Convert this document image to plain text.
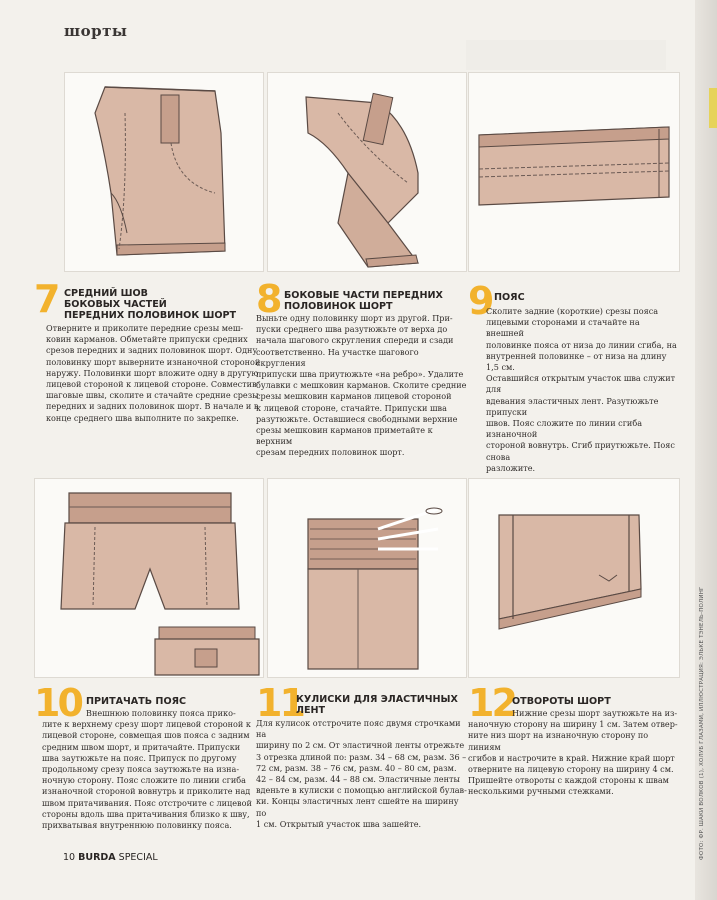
ФОТО: ФР. ШАКИ ВОЛКОВ (1), ХОЛУБ ГЛАЗАМИ, ИЛЛЮСТРАЦИЯ: ЭЛЬКЕ ТЭНЕЛЬ-ПОЛИНГ
шорты
7 СРЕДНИЙ ШОВ
БОКОВЫХ ЧАСТЕЙ
ПЕРЕДНИХ ПОЛОВИНОК ШОРТ
Отверните и приколите передние срезы меш-
ковин карманов. Обметайте припуски средних
срезов передних и задних половинок шорт. Одну
половинку шорт выверните изнаночной стороной
наружу. Половинки шорт вложите одну в другую
лицевой стороной к лицевой стороне. Совместив
шаговые швы, сколите и стачайте средние срезы
передних и задних половинок шорт. В начале и в
конце среднего шва выполните по закрепке.
8 БОКОВЫЕ ЧАСТИ ПЕРЕДНИХ
ПОЛОВИНОК ШОРТ
Выньте одну половинку шорт из другой. При-
пуски среднего шва разутюжьте от верха до
начала шагового скругления спереди и сзади
соответственно. На участке шагового скругления
припуски шва приутюжьте «на ребро». Удалите
булавки с мешковин карманов. Сколите средние
срезы мешковин карманов лицевой стороной
к лицевой стороне, стачайте. Припуски шва
разутюжьте. Оставшиеся свободными верхние
срезы мешковин карманов приметайте к верхним
срезам передних половинок шорт.
9 ПОЯС
Сколите задние (короткие) срезы пояса
лицевыми сторонами и стачайте на внешней
половинке пояса от низа до линии сгиба, на
внутренней половинке – от низа на длину 1,5 см.
Оставшийся открытым участок шва служит для
вдевания эластичных лент. Разутюжьте припуски
швов. Пояс сложите по линии сгиба изнаночной
стороной вовнутрь. Сгиб приутюжьте. Пояс снова
разложите.
10 ПРИТАЧАТЬ ПОЯС
Внешнюю половинку пояса прико-
лите к верхнему срезу шорт лицевой стороной к
лицевой стороне, совмещая шов пояса с задним
средним швом шорт, и притачайте. Припуски
шва заутюжьте на пояс. Припуск по другому
продольному срезу пояса заутюжьте на изна-
ночную сторону. Пояс сложите по линии сгиба
изнаночной стороной вовнутрь и приколите над
швом притачивания. Пояс отстрочите с лицевой
стороны вдоль шва притачивания близко к шву,
прихватывая внутреннюю половинку пояса.
11
КУЛИСКИ ДЛЯ ЭЛАСТИЧНЫХ
ЛЕНТ
Для кулисок отстрочите пояс двумя строчками на
ширину по 2 см. От эластичной ленты отрежьте
3 отрезка длиной по: разм. 34 – 68 см, разм. 36 –
72 см, разм. 38 – 76 см, разм. 40 – 80 см, разм.
42 – 84 см, разм. 44 – 88 см. Эластичные ленты
вденьте в кулиски с помощью английской булав-
ки. Концы эластичных лент сшейте на ширину по
1 см. Открытый участок шва зашейте.
12
ОТВОРОТЫ ШОРТ
Нижние срезы шорт заутюжьте на из-
наночную сторону на ширину 1 см. Затем отвер-
ните низ шорт на изнаночную сторону по линиям
сгибов и настрочите в край. Нижние край шорт
отверните на лицевую сторону на ширину 4 см.
Пришейте отвороты с каждой стороны к швам
несколькими ручными стежками.
10 BURDA SPECIAL
